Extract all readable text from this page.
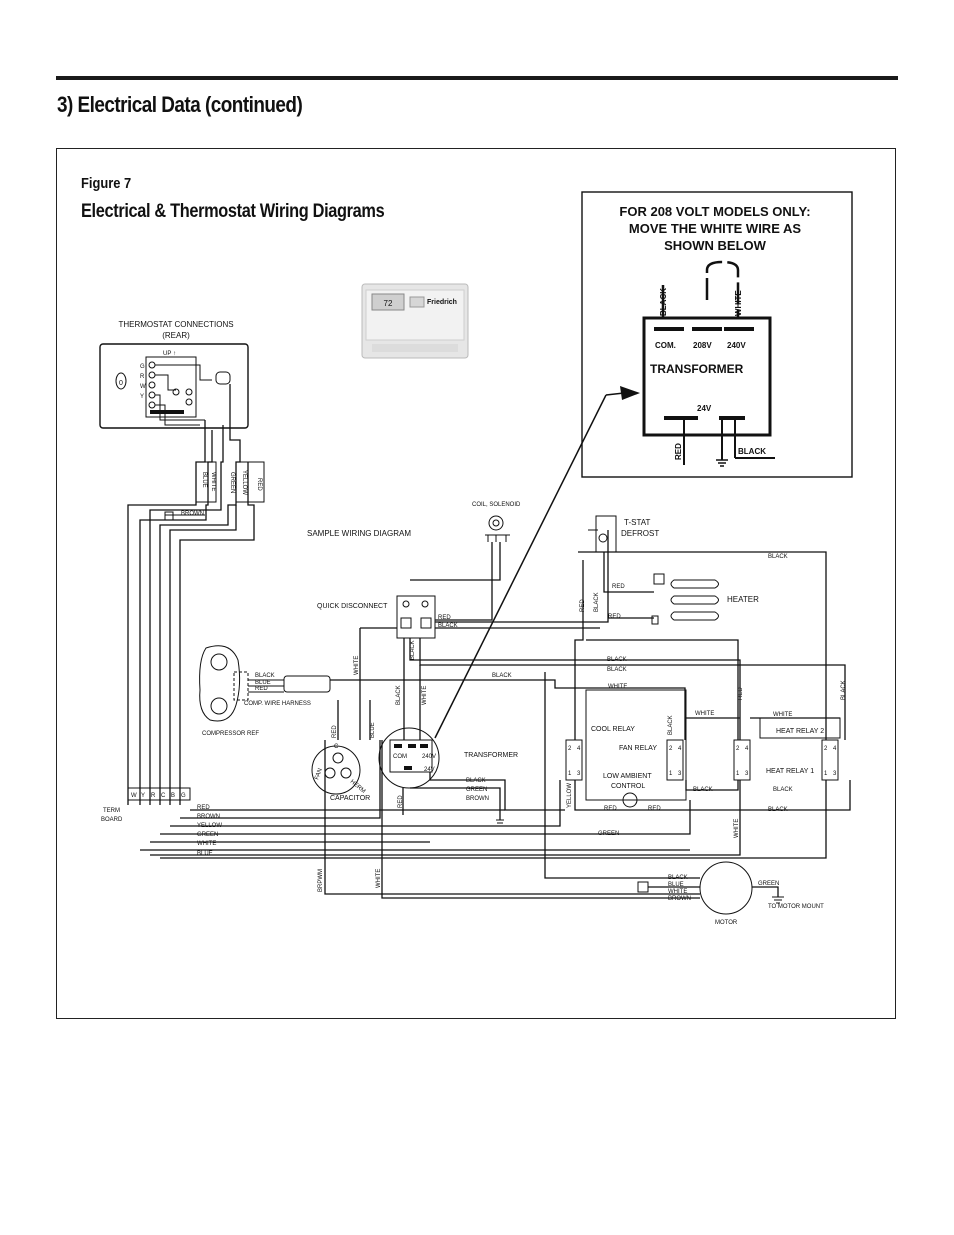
3) Electrical Data (continued)
Figure 7
Electrical & Thermostat Wiring Diagrams	FOR 208 VOLT MODELS ONLY:
MOVE THE WHITE WIRE AS
SHOWN BELOW
BLACK	WHITE
COM. 208V 240V
TRANSFORMER
24V
RED	BLACK
72	Friedrich
THERMOSTAT CONNECTIONS
(REAR)
0
UP ↑
G
R
W
Y
BLUE WHITE GREEN YELLOW RED
BROWN
BLACK
BLUE
RED
COMP. WIRE HARNESS
COMPRESSOR REF
SAMPLE WIRING DIAGRAM
COIL, SOLENOID
T-STAT
DEFROST
HEATER
QUICK DISCONNECT
RED
BLACK
BLACK
RED
RED
RED BLACK
BLACK
BLACK
BLACK
BLACK
WHITE
WHITE
BLACK	WHITE
FAN
C
HERM
CAPACITOR
RED	BLUE
COM	240V
24V
TRANSFORMER
BLACK
GREEN
BROWN
RED
2 4
1 3
2 4
1 3
2 4
1 3
2 4
1 3
COOL RELAY
FAN RELAY
LOW AMBIENT
CONTROL
HEAT RELAY 2
HEAT RELAY 1
WHITE	WHITE
BLACK
RED	BLACK
BLACK	BLACK
BLACK
RED	RED
YELLOW
WHITE
W Y R C B G
TERM
BOARD
RED
BROWN
YELLOW
GREEN
WHITE
BLUE
GREEN
BLACK
BLUE
WHITE
BROWN
BRPWM	WHITE	GREEN
TO MOTOR MOUNT
MOTOR
